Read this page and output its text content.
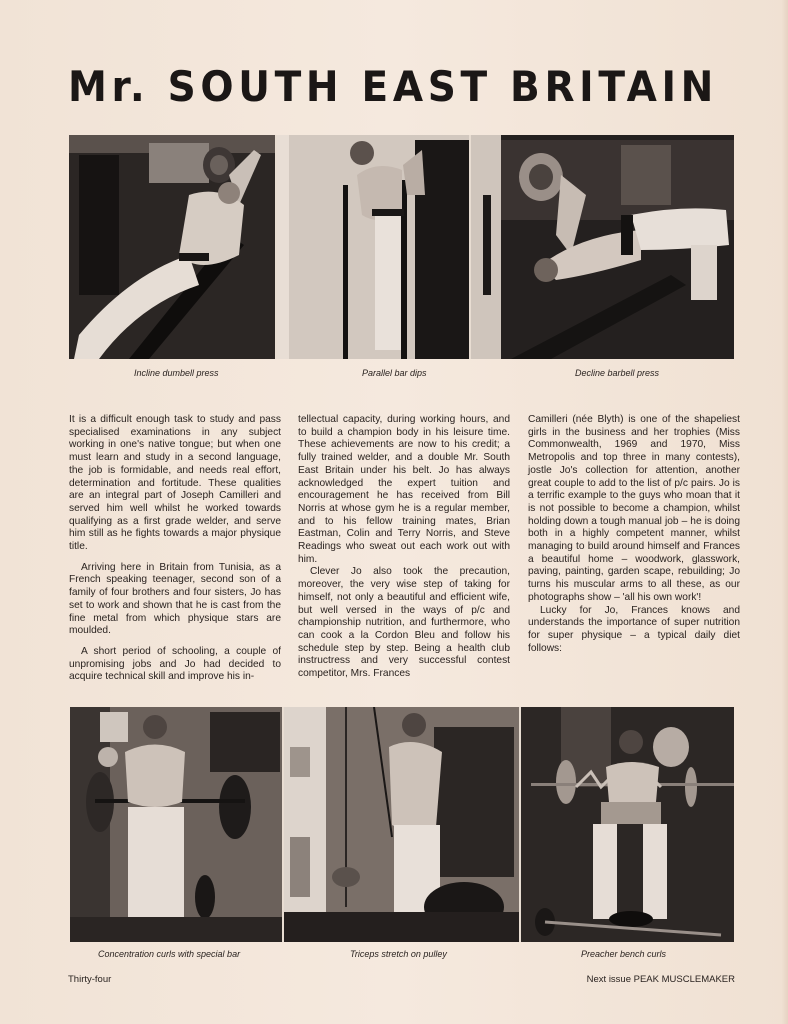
Mr. SOUTH EAST BRITAIN
Incline dumbell press	Parallel bar dips	Decline barbell press

It is a difficult enough task to study and pass specialised examinations in any subject working in one's native tongue; but when one must learn and study in a second language, the job is formidable, and needs real effort, determination and fortitude. These qualities are an integral part of Joseph Camilleri and served him well whilst he worked towards qualifying as a first grade welder, and serve him still as he fights towards a major physique title.

Arriving here in Britain from Tunisia, as a French speaking teenager, second son of a family of four brothers and four sisters, Jo has set to work and shown that he is cast from the fine metal from which physique stars are moulded.

A short period of schooling, a couple of unpromising jobs and Jo had decided to acquire technical skill and improve his in-

tellectual capacity, during working hours, and to build a champion body in his leisure time. These achievements are now to his credit; a fully trained welder, and a double Mr. South East Britain under his belt. Jo has always acknowledged the expert tuition and encouragement he has received from Bill Norris at whose gym he is a regular member, and to his fellow training mates, Brian Eastman, Colin and Terry Norris, and Steve Readings who sweat out each work out with him.

Clever Jo also took the precaution, moreover, the very wise step of taking for himself, not only a beautiful and efficient wife, but well versed in the ways of p/c and championship nutrition, and furthermore, who can cook a la Cordon Bleu and follow his schedule step by step. Being a health club instructress and very successful contest competitor, Mrs. Frances

Camilleri (née Blyth) is one of the shapeliest girls in the business and her trophies (Miss Commonwealth, 1969 and 1970, Miss Metropolis and top three in many contests), jostle Jo's collection for attention, another great couple to add to the list of p/c pairs. Jo is a terrific example to the guys who moan that it is not possible to become a champion, whilst holding down a tough manual job – he is doing both in a highly competent manner, whilst managing to build around himself and Frances a beautiful home – woodwork, glasswork, paving, painting, garden scape, rebuilding; Jo turns his muscular arms to all these, as our photographs show – 'all his own work'!

Lucky for Jo, Frances knows and understands the importance of super nutrition for super physique – a typical daily diet follows:

Concentration curls with special bar	Triceps stretch on pulley	Preacher bench curls
Thirty-four	Next issue PEAK MUSCLEMAKER
